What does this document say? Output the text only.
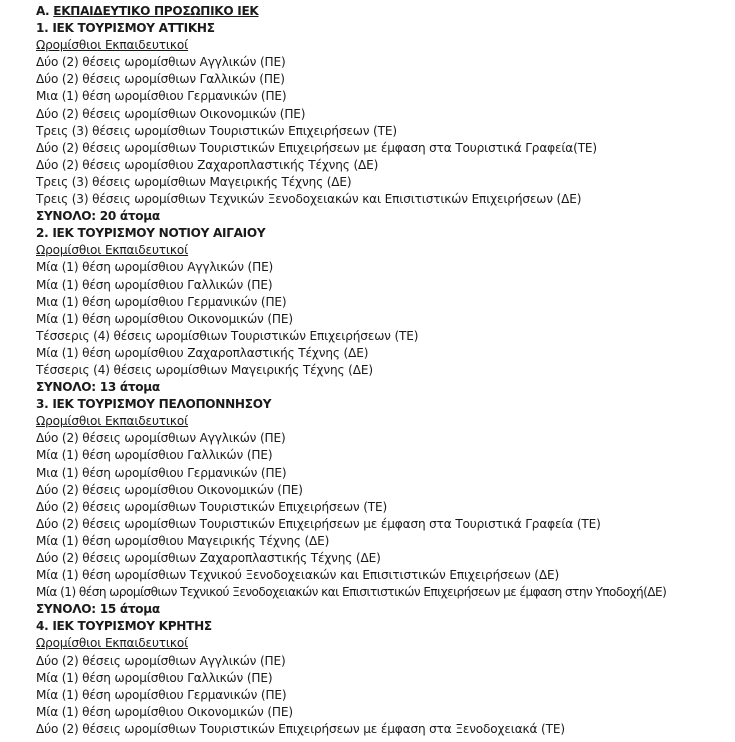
Α. ΕΚΠΑΙΔΕΥΤΙΚΟ ΠΡΟΣΩΠΙΚΟ ΙΕΚ
1. ΙΕΚ ΤΟΥΡΙΣΜΟΥ ΑΤΤΙΚΗΣ
Ωρομίσθιοι Εκπαιδευτικοί
Δύο (2) θέσεις ωρομίσθιων Αγγλικών (ΠΕ)
Δύο (2) θέσεις ωρομίσθιων Γαλλικών (ΠΕ)
Μια (1) θέση ωρομίσθιου Γερμανικών (ΠΕ)
Δύο (2) θέσεις ωρομίσθιων Οικονομικών (ΠΕ)
Τρεις (3) θέσεις ωρομίσθιων Τουριστικών Επιχειρήσεων (ΤΕ)
Δύο (2) θέσεις ωρομίσθιων Τουριστικών Επιχειρήσεων με έμφαση στα Τουριστικά Γραφεία(ΤΕ)
Δύο (2) θέσεις ωρομίσθιου Ζαχαροπλαστικής Τέχνης (ΔΕ)
Τρεις (3) θέσεις ωρομίσθιων Μαγειρικής Τέχνης (ΔΕ)
Τρεις (3) θέσεις ωρομίσθιων Τεχνικών Ξενοδοχειακών και Επισιτιστικών Επιχειρήσεων (ΔΕ)
ΣΥΝΟΛΟ: 20 άτομα
2. ΙΕΚ ΤΟΥΡΙΣΜΟΥ ΝΟΤΙΟΥ ΑΙΓΑΙΟΥ
Ωρομίσθιοι Εκπαιδευτικοί
Μία (1) θέση ωρομίσθιου Αγγλικών (ΠΕ)
Μία (1) θέση ωρομίσθιου Γαλλικών (ΠΕ)
Μια (1) θέση ωρομίσθιου Γερμανικών (ΠΕ)
Μία (1) θέση ωρομίσθιου Οικονομικών (ΠΕ)
Τέσσερις (4) θέσεις ωρομίσθιων Τουριστικών Επιχειρήσεων (ΤΕ)
Μία (1) θέση ωρομίσθιου Ζαχαροπλαστικής Τέχνης (ΔΕ)
Τέσσερις (4) θέσεις ωρομίσθιων Μαγειρικής Τέχνης (ΔΕ)
ΣΥΝΟΛΟ: 13 άτομα
3. ΙΕΚ ΤΟΥΡΙΣΜΟΥ ΠΕΛΟΠΟΝΝΗΣΟΥ
Ωρομίσθιοι Εκπαιδευτικοί
Δύο (2) θέσεις ωρομίσθιων Αγγλικών (ΠΕ)
Μία (1) θέση ωρομίσθιου Γαλλικών (ΠΕ)
Μια (1) θέση ωρομίσθιου Γερμανικών (ΠΕ)
Δύο (2) θέσεις ωρομίσθιου Οικονομικών (ΠΕ)
Δύο (2) θέσεις ωρομίσθιων Τουριστικών Επιχειρήσεων (ΤΕ)
Δύο (2) θέσεις ωρομίσθιων Τουριστικών Επιχειρήσεων με έμφαση στα Τουριστικά Γραφεία (ΤΕ)
Μία (1) θέση ωρομίσθιου Μαγειρικής Τέχνης (ΔΕ)
Δύο (2) θέσεις ωρομίσθιων Ζαχαροπλαστικής Τέχνης (ΔΕ)
Μία (1) θέση ωρομίσθιων Τεχνικού Ξενοδοχειακών και Επισιτιστικών Επιχειρήσεων (ΔΕ)
Μία (1) θέση ωρομίσθιων Τεχνικού Ξενοδοχειακών και Επισιτιστικών Επιχειρήσεων με έμφαση στην Υποδοχή(ΔΕ)
ΣΥΝΟΛΟ: 15 άτομα
4. ΙΕΚ ΤΟΥΡΙΣΜΟΥ ΚΡΗΤΗΣ
Ωρομίσθιοι Εκπαιδευτικοί
Δύο (2) θέσεις ωρομίσθιων Αγγλικών (ΠΕ)
Μία (1) θέση ωρομίσθιου Γαλλικών (ΠΕ)
Μία (1) θέση ωρομίσθιου Γερμανικών (ΠΕ)
Μία (1) θέση ωρομίσθιου Οικονομικών (ΠΕ)
Δύο (2) θέσεις ωρομίσθιων Τουριστικών Επιχειρήσεων με έμφαση στα Ξενοδοχειακά (ΤΕ)
